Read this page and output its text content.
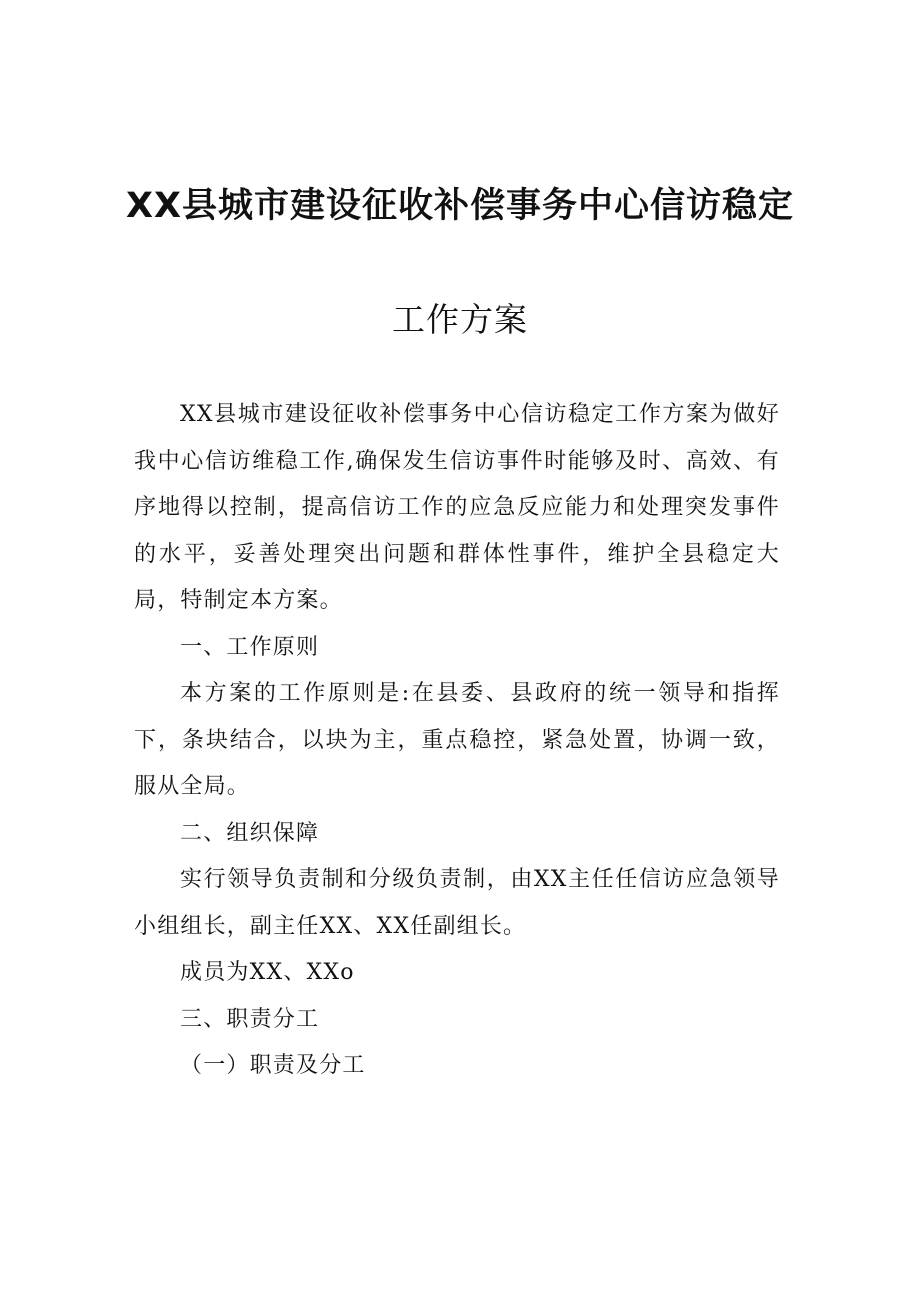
XX县城市建设征收补偿事务中心信访稳定
工作方案

XX县城市建设征收补偿事务中心信访稳定工作方案为做好我中心信访维稳工作,确保发生信访事件时能够及时、高效、有序地得以控制，提高信访工作的应急反应能力和处理突发事件的水平，妥善处理突出问题和群体性事件，维护全县稳定大局，特制定本方案。

一、工作原则

本方案的工作原则是:在县委、县政府的统一领导和指挥下，条块结合，以块为主，重点稳控，紧急处置，协调一致，服从全局。

二、组织保障

实行领导负责制和分级负责制，由XX主任任信访应急领导小组组长，副主任XX、XX任副组长。

成员为XX、XXo

三、职责分工

（一）职责及分工
